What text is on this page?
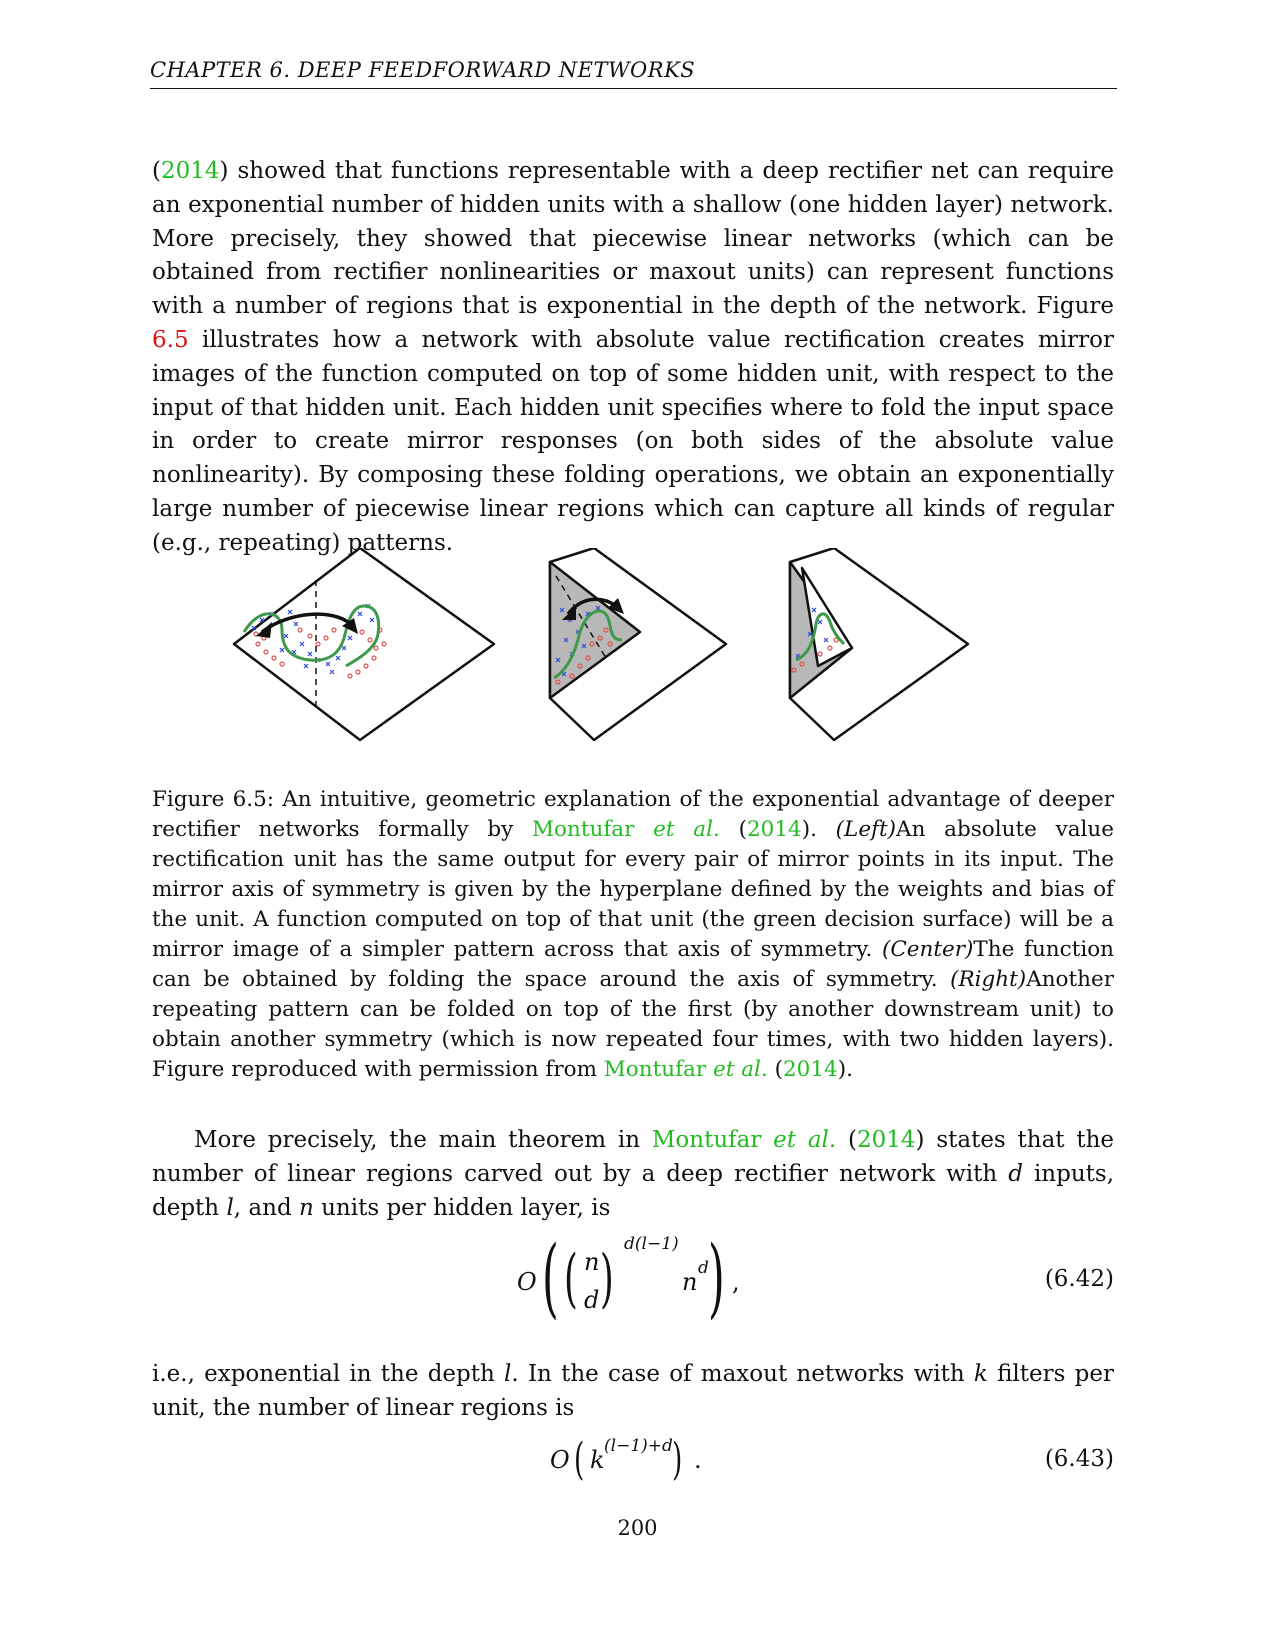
CHAPTER 6. DEEP FEEDFORWARD NETWORKS

(2014) showed that functions representable with a deep rectifier net can require an exponential number of hidden units with a shallow (one hidden layer) network. More precisely, they showed that piecewise linear networks (which can be obtained from rectifier nonlinearities or maxout units) can represent functions with a number of regions that is exponential in the depth of the network. Figure 6.5 illustrates how a network with absolute value rectification creates mirror images of the function computed on top of some hidden unit, with respect to the input of that hidden unit. Each hidden unit specifies where to fold the input space in order to create mirror responses (on both sides of the absolute value nonlinearity). By composing these folding operations, we obtain an exponentially large number of piecewise linear regions which can capture all kinds of regular (e.g., repeating) patterns.

Figure 6.5: An intuitive, geometric explanation of the exponential advantage of deeper rectifier networks formally by Montufar et al. (2014). (Left)An absolute value rectification unit has the same output for every pair of mirror points in its input. The mirror axis of symmetry is given by the hyperplane defined by the weights and bias of the unit. A function computed on top of that unit (the green decision surface) will be a mirror image of a simpler pattern across that axis of symmetry. (Center)The function can be obtained by folding the space around the axis of symmetry. (Right)Another repeating pattern can be folded on top of the first (by another downstream unit) to obtain another symmetry (which is now repeated four times, with two hidden layers). Figure reproduced with permission from Montufar et al. (2014).

More precisely, the main theorem in Montufar et al. (2014) states that the number of linear regions carved out by a deep rectifier network with d inputs, depth l, and n units per hidden layer, is

O ( ( n
d ) d(l−1)
n d ) ,	(6.42)

i.e., exponential in the depth l. In the case of maxout networks with k filters per unit, the number of linear regions is

O ( k (l−1)+d ) .	(6.43)
200
